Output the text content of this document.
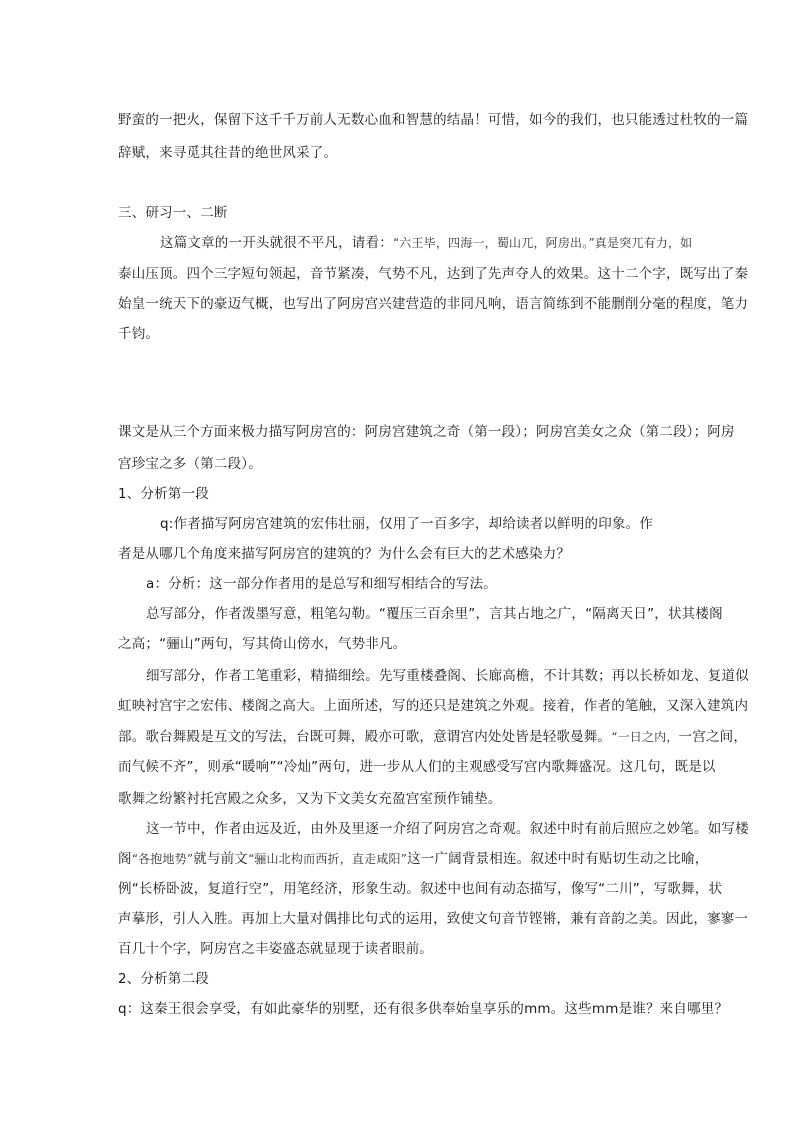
野蛮的一把火，保留下这千千万前人无数心血和智慧的结晶！可惜，如今的我们，也只能透过杜牧的一篇
辞赋，来寻觅其往昔的绝世风采了。
三、研习一、二断
这篇文章的一开头就很不平凡，请看：“六王毕，四海一，蜀山兀，阿房出。”真是突兀有力，如
泰山压顶。四个三字短句领起，音节紧凑，气势不凡，达到了先声夺人的效果。这十二个字，既写出了秦
始皇一统天下的豪迈气概，也写出了阿房宫兴建营造的非同凡响，语言简练到不能删削分毫的程度，笔力
千钧。
课文是从三个方面来极力描写阿房宫的：阿房宫建筑之奇（第一段）；阿房宫美女之众（第二段）；阿房
宫珍宝之多（第二段）。
1、分析第一段
q:作者描写阿房宫建筑的宏伟壮丽，仅用了一百多字，却给读者以鲜明的印象。作
者是从哪几个角度来描写阿房宫的建筑的？为什么会有巨大的艺术感染力？
a：分析：这一部分作者用的是总写和细写相结合的写法。
总写部分，作者泼墨写意，粗笔勾勒。“覆压三百余里”，言其占地之广，“隔离天日”，状其楼阁
之高；“骊山”两句，写其倚山傍水，气势非凡。
细写部分，作者工笔重彩，精描细绘。先写重楼叠阁、长廊高檐，不计其数；再以长桥如龙、复道似
虹映衬宫宇之宏伟、楼阁之高大。上面所述，写的还只是建筑之外观。接着，作者的笔触，又深入建筑内
部。歌台舞殿是互文的写法，台既可舞，殿亦可歌，意谓宫内处处皆是轻歌曼舞。“一日之内，一宫之间，
而气候不齐”，则承“暖响”“冷灿”两句，进一步从人们的主观感受写宫内歌舞盛况。这几句，既是以
歌舞之纷繁衬托宫殿之众多，又为下文美女充盈宫室预作铺垫。
这一节中，作者由远及近，由外及里逐一介绍了阿房宫之奇观。叙述中时有前后照应之妙笔。如写楼
阁“各抱地势”就与前文“骊山北构而西折，直走咸阳”这一广阔背景相连。叙述中时有贴切生动之比喻，
例“长桥卧波，复道行空”，用笔经济，形象生动。叙述中也间有动态描写，像写“二川”，写歌舞，状
声摹形，引人入胜。再加上大量对偶排比句式的运用，致使文句音节铿锵，兼有音韵之美。因此，寥寥一
百几十个字，阿房宫之丰姿盛态就显现于读者眼前。
2、分析第二段
q：这秦王很会享受，有如此豪华的别墅，还有很多供奉始皇享乐的mm。这些mm是谁？来自哪里？
